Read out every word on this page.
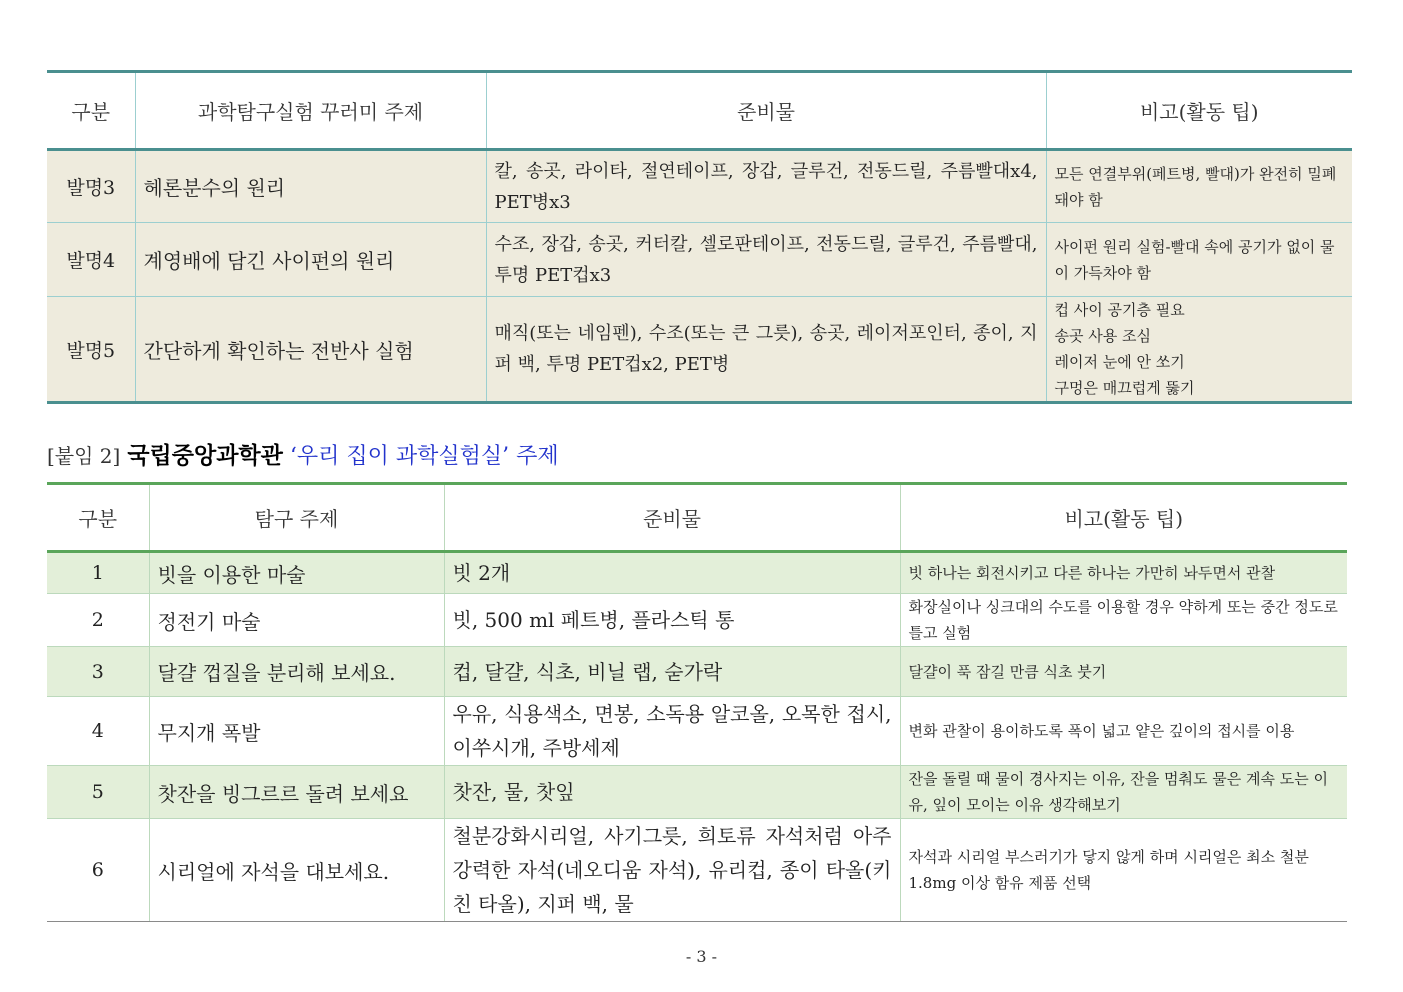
구분	과학탐구실험 꾸러미 주제	준비물	비고(활동 팁)
발명3	헤론분수의 원리	칼, 송곳, 라이타, 절연테이프, 장갑, 글루건, 전동드릴, 주름빨대x4, PET병x3	모든 연결부위(페트병, 빨대)가 완전히 밀폐 돼야 함

발명4	계영배에 담긴 사이펀의 원리	수조, 장갑, 송곳, 커터칼, 셀로판테이프, 전동드릴, 글루건, 주름빨대, 투명 PET컵x3	사이펀 원리 실험-빨대 속에 공기가 없이 물이 가득차야 함

발명5	간단하게 확인하는 전반사 실험	매직(또는 네임펜), 수조(또는 큰 그릇), 송곳, 레이저포인터, 종이, 지퍼 백, 투명 PET컵x2, PET병	컵 사이 공기층 필요
송곳 사용 조심
레이저 눈에 안 쏘기
구멍은 매끄럽게 뚫기
[붙임 2] 국립중앙과학관 ‘우리 집이 과학실험실’ 주제
구분	탐구 주제	준비물	비고(활동 팁)
1	빗을 이용한 마술	빗 2개	빗 하나는 회전시키고 다른 하나는 가만히 놔두면서 관찰
2	정전기 마술	빗, 500 ml 페트병, 플라스틱 통	화장실이나 싱크대의 수도를 이용할 경우 약하게 또는 중간 정도로 틀고 실험
3	달걀 껍질을 분리해 보세요.	컵, 달걀, 식초, 비닐 랩, 숟가락	달걀이 푹 잠길 만큼 식초 붓기
4	무지개 폭발	우유, 식용색소, 면봉, 소독용 알코올, 오목한 접시, 이쑤시개, 주방세제	변화 관찰이 용이하도록 폭이 넓고 얕은 깊이의 접시를 이용
5	찻잔을 빙그르르 돌려 보세요	찻잔, 물, 찻잎	잔을 돌릴 때 물이 경사지는 이유, 잔을 멈춰도 물은 계속 도는 이유, 잎이 모이는 이유 생각해보기
6	시리얼에 자석을 대보세요.	철분강화시리얼, 사기그릇, 희토류 자석처럼 아주 강력한 자석(네오디움 자석), 유리컵, 종이 타올(키친 타올), 지퍼 백, 물	자석과 시리얼 부스러기가 닿지 않게 하며 시리얼은 최소 철분 1.8mg 이상 함유 제품 선택
- 3 -
